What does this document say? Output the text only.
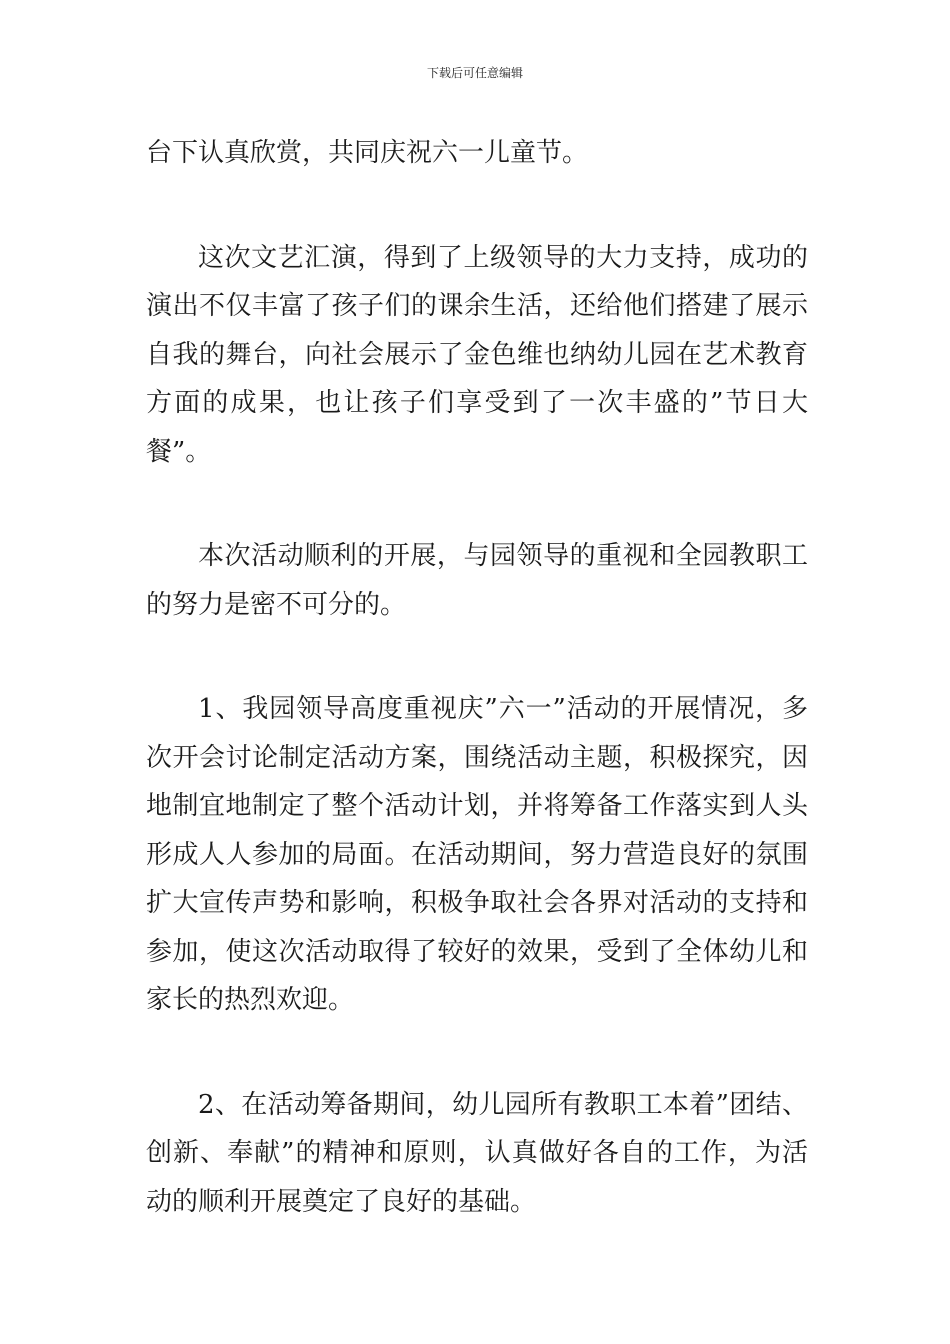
下载后可任意编辑

台下认真欣赏，共同庆祝六一儿童节。

这次文艺汇演，得到了上级领导的大力支持，成功的演出不仅丰富了孩子们的课余生活，还给他们搭建了展示自我的舞台，向社会展示了金色维也纳幼儿园在艺术教育方面的成果，也让孩子们享受到了一次丰盛的”节日大餐”。

本次活动顺利的开展，与园领导的重视和全园教职工的努力是密不可分的。

1、我园领导高度重视庆”六一”活动的开展情况，多次开会讨论制定活动方案，围绕活动主题，积极探究，因地制宜地制定了整个活动计划，并将筹备工作落实到人头形成人人参加的局面。在活动期间，努力营造良好的氛围扩大宣传声势和影响，积极争取社会各界对活动的支持和参加，使这次活动取得了较好的效果，受到了全体幼儿和家长的热烈欢迎。

2、在活动筹备期间，幼儿园所有教职工本着”团结、创新、奉献”的精神和原则，认真做好各自的工作，为活动的顺利开展奠定了良好的基础。
